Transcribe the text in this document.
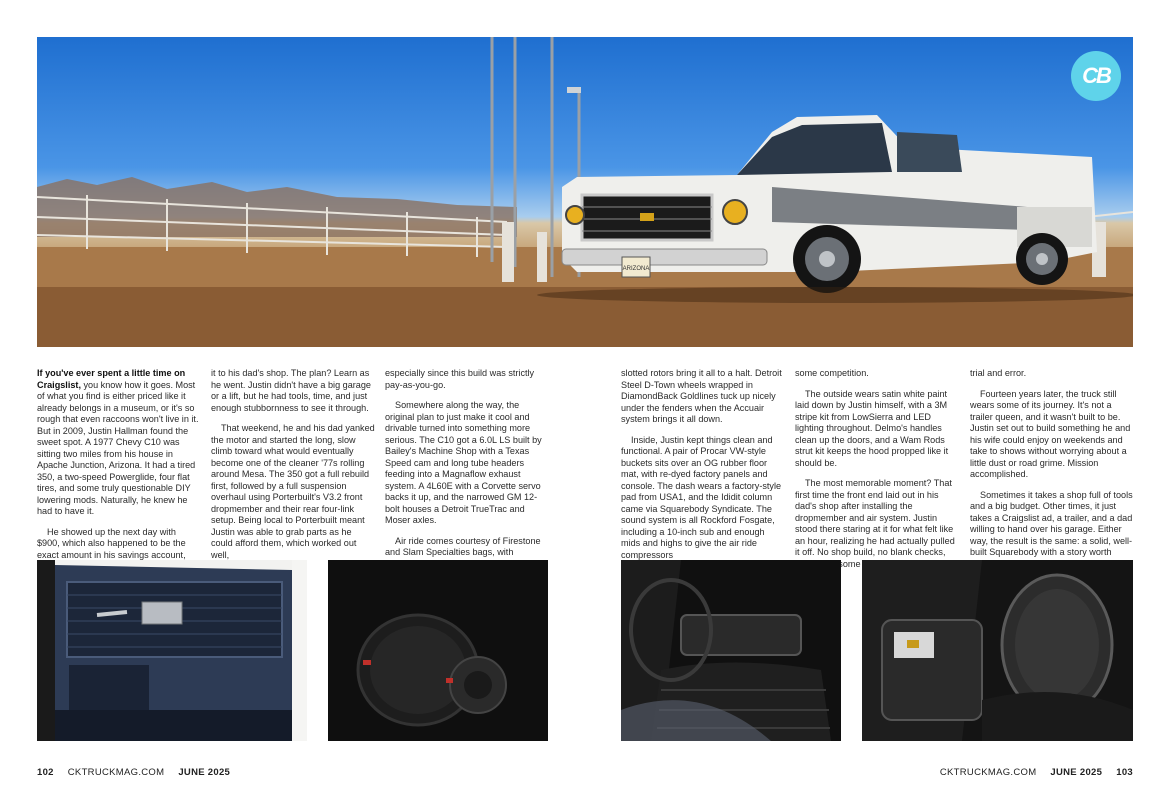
ARIZONA
CB

If you've ever spent a little time on Craigslist, you know how it goes. Most of what you find is either priced like it already belongs in a museum, or it's so rough that even raccoons won't live in it. But in 2009, Justin Hallman found the sweet spot. A 1977 Chevy C10 was sitting two miles from his house in Apache Junction, Arizona. It had a tired 350, a two-speed Powerglide, four flat tires, and some truly questionable DIY lowering mods. Naturally, he knew he had to have it.

He showed up the next day with $900, which also happened to be the exact amount in his savings account,

it to his dad's shop. The plan? Learn as he went. Justin didn't have a big garage or a lift, but he had tools, time, and just enough stubbornness to see it through.

That weekend, he and his dad yanked the motor and started the long, slow climb toward what would eventually become one of the cleaner '77s rolling around Mesa. The 350 got a full rebuild first, followed by a full suspension overhaul using Porterbuilt's V3.2 front dropmember and their rear four-link setup. Being local to Porterbuilt meant Justin was able to grab parts as he could afford them, which worked out well,

especially since this build was strictly pay-as-you-go.

Somewhere along the way, the original plan to just make it cool and drivable turned into something more serious. The C10 got a 6.0L LS built by Bailey's Machine Shop with a Texas Speed cam and long tube headers feeding into a Magnaflow exhaust system. A 4L60E with a Corvette servo backs it up, and the narrowed GM 12-bolt houses a Detroit TrueTrac and Moser axles.

Air ride comes courtesy of Firestone and Slam Specialties bags, with

slotted rotors bring it all to a halt. Detroit Steel D-Town wheels wrapped in DiamondBack Goldlines tuck up nicely under the fenders when the Accuair system brings it all down.

Inside, Justin kept things clean and functional. A pair of Procar VW-style buckets sits over an OG rubber floor mat, with re-dyed factory panels and console. The dash wears a factory-style pad from USA1, and the Ididit column came via Squarebody Syndicate. The sound system is all Rockford Fosgate, including a 10-inch sub and enough mids and highs to give the air ride compressors

some competition.

The outside wears satin white paint laid down by Justin himself, with a 3M stripe kit from LowSierra and LED lighting throughout. Delmo's handles clean up the doors, and a Wam Rods strut kit keeps the hood propped like it should be.

The most memorable moment? That first time the front end laid out in his dad's shop after installing the dropmember and air system. Justin stood there staring at it for what felt like an hour, realizing he had actually pulled it off. No shop build, no blank checks, some

trial and error.

Fourteen years later, the truck still wears some of its journey. It's not a trailer queen, and it wasn't built to be. Justin set out to build something he and his wife could enjoy on weekends and take to shows without worrying about a little dust or road grime. Mission accomplished.

Sometimes it takes a shop full of tools and a big budget. Other times, it just takes a Craigslist ad, a trailer, and a dad willing to hand over his garage. Either way, the result is the same: a solid, well-built Squarebody with a story worth

102 CKTRUCKMAG.COM JUNE 2025	CKTRUCKMAG.COM JUNE 2025 103
